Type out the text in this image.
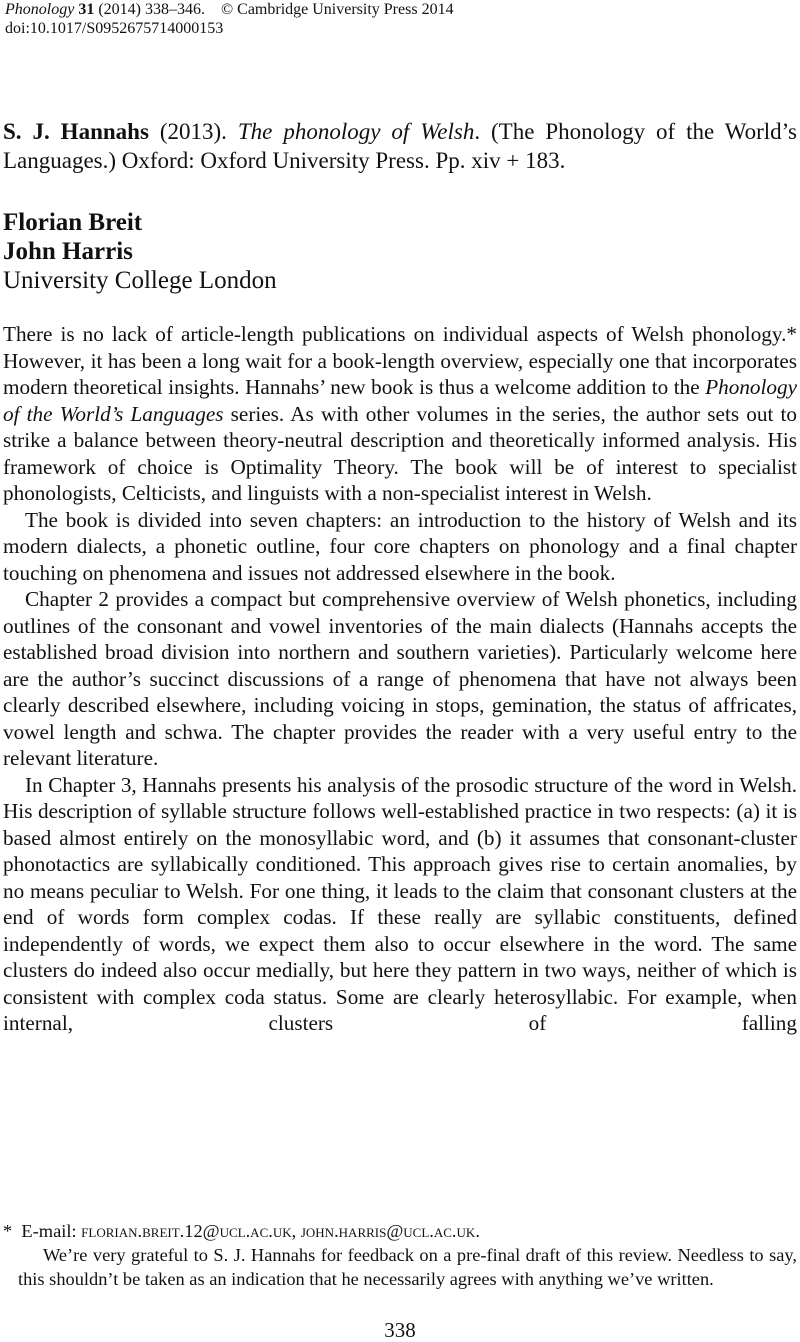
Phonology 31 (2014) 338–346. © Cambridge University Press 2014
doi:10.1017/S0952675714000153
S. J. Hannahs (2013). The phonology of Welsh. (The Phonology of the World’s Languages.) Oxford: Oxford University Press. Pp. xiv + 183.
Florian Breit
John Harris
University College London

There is no lack of article-length publications on individual aspects of Welsh phonology.* However, it has been a long wait for a book-length overview, especially one that incorporates modern theoretical insights. Hannahs’ new book is thus a welcome addition to the Phonology of the World’s Languages series. As with other volumes in the series, the author sets out to strike a balance between theory-neutral description and theoretically informed analysis. His framework of choice is Optimality Theory. The book will be of interest to specialist phonologists, Celticists, and linguists with a non-specialist interest in Welsh.

The book is divided into seven chapters: an introduction to the history of Welsh and its modern dialects, a phonetic outline, four core chapters on phonology and a final chapter touching on phenomena and issues not addressed elsewhere in the book.

Chapter 2 provides a compact but comprehensive overview of Welsh phonetics, including outlines of the consonant and vowel inventories of the main dialects (Hannahs accepts the established broad division into northern and southern varieties). Particularly welcome here are the author’s succinct discussions of a range of phenomena that have not always been clearly described elsewhere, including voicing in stops, gemination, the status of affricates, vowel length and schwa. The chapter provides the reader with a very useful entry to the relevant literature.

In Chapter 3, Hannahs presents his analysis of the prosodic structure of the word in Welsh. His description of syllable structure follows well-established practice in two respects: (a) it is based almost entirely on the monosyllabic word, and (b) it assumes that consonant-cluster phonotactics are syllabically conditioned. This approach gives rise to certain anomalies, by no means peculiar to Welsh. For one thing, it leads to the claim that consonant clusters at the end of words form complex codas. If these really are syllabic constituents, defined independently of words, we expect them also to occur elsewhere in the word. The same clusters do indeed also occur medially, but here they pattern in two ways, neither of which is consistent with complex coda status. Some are clearly heterosyllabic. For example, when internal, clusters of falling

* E-mail: florian.breit.12@ucl.ac.uk, john.harris@ucl.ac.uk.

We’re very grateful to S. J. Hannahs for feedback on a pre-final draft of this review. Needless to say, this shouldn’t be taken as an indication that he necessarily agrees with anything we’ve written.

338
